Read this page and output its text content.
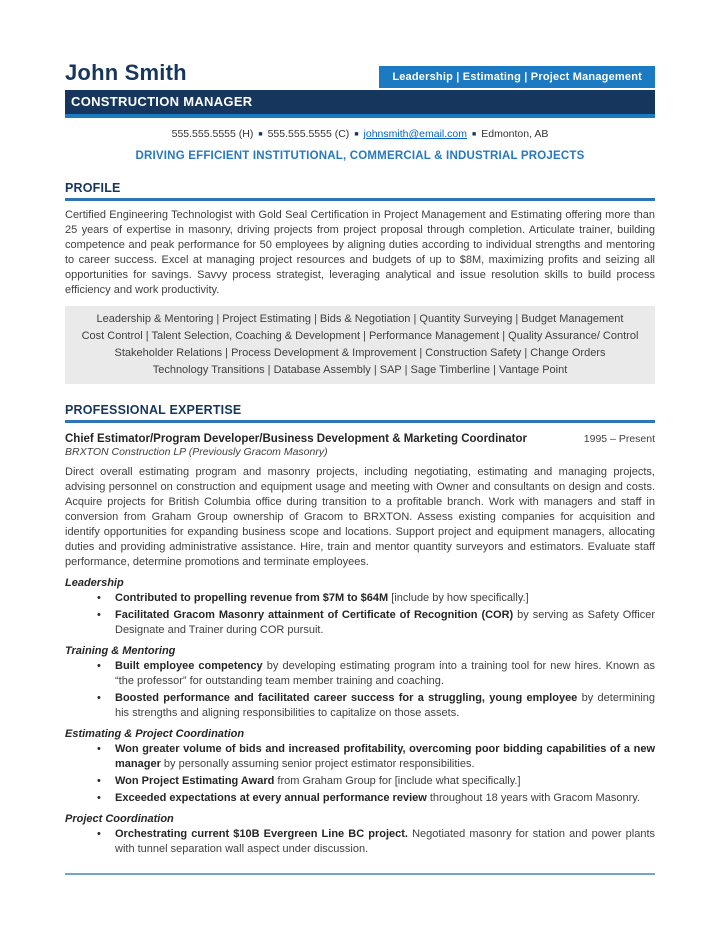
John Smith	Leadership | Estimating | Project Management
CONSTRUCTION MANAGER
555.555.5555 (H) ■ 555.555.5555 (C) ■ johnsmith@email.com ■ Edmonton, AB
DRIVING EFFICIENT INSTITUTIONAL, COMMERCIAL & INDUSTRIAL PROJECTS
PROFILE
Certified Engineering Technologist with Gold Seal Certification in Project Management and Estimating offering more than 25 years of expertise in masonry, driving projects from project proposal through completion. Articulate trainer, building competence and peak performance for 50 employees by aligning duties according to individual strengths and mentoring to career success. Excel at managing project resources and budgets of up to $8M, maximizing profits and seizing all opportunities for savings. Savvy process strategist, leveraging analytical and issue resolution skills to build process efficiency and work productivity.
Leadership & Mentoring | Project Estimating | Bids & Negotiation | Quantity Surveying | Budget Management
Cost Control | Talent Selection, Coaching & Development | Performance Management | Quality Assurance/ Control
Stakeholder Relations | Process Development & Improvement | Construction Safety | Change Orders
Technology Transitions | Database Assembly | SAP | Sage Timberline | Vantage Point
PROFESSIONAL EXPERTISE
Chief Estimator/Program Developer/Business Development & Marketing Coordinator	1995 – Present
BRXTON Construction LP (Previously Gracom Masonry)
Direct overall estimating program and masonry projects, including negotiating, estimating and managing projects, advising personnel on construction and equipment usage and meeting with Owner and consultants on design and costs. Acquire projects for British Columbia office during transition to a profitable branch. Work with managers and staff in conversion from Graham Group ownership of Gracom to BRXTON. Assess existing companies for acquisition and identify opportunities for expanding business scope and locations. Support project and equipment managers, allocating duties and providing administrative assistance. Hire, train and mentor quantity surveyors and estimators. Evaluate staff performance, determine promotions and terminate employees.
Leadership
• Contributed to propelling revenue from $7M to $64M [include by how specifically.]
• Facilitated Gracom Masonry attainment of Certificate of Recognition (COR) by serving as Safety Officer Designate and Trainer during COR pursuit.
Training & Mentoring
• Built employee competency by developing estimating program into a training tool for new hires. Known as “the professor” for outstanding team member training and coaching.
• Boosted performance and facilitated career success for a struggling, young employee by determining his strengths and aligning responsibilities to capitalize on those assets.
Estimating & Project Coordination
• Won greater volume of bids and increased profitability, overcoming poor bidding capabilities of a new manager by personally assuming senior project estimator responsibilities.
• Won Project Estimating Award from Graham Group for [include what specifically.]
• Exceeded expectations at every annual performance review throughout 18 years with Gracom Masonry.
Project Coordination
• Orchestrating current $10B Evergreen Line BC project. Negotiated masonry for station and power plants with tunnel separation wall aspect under discussion.
